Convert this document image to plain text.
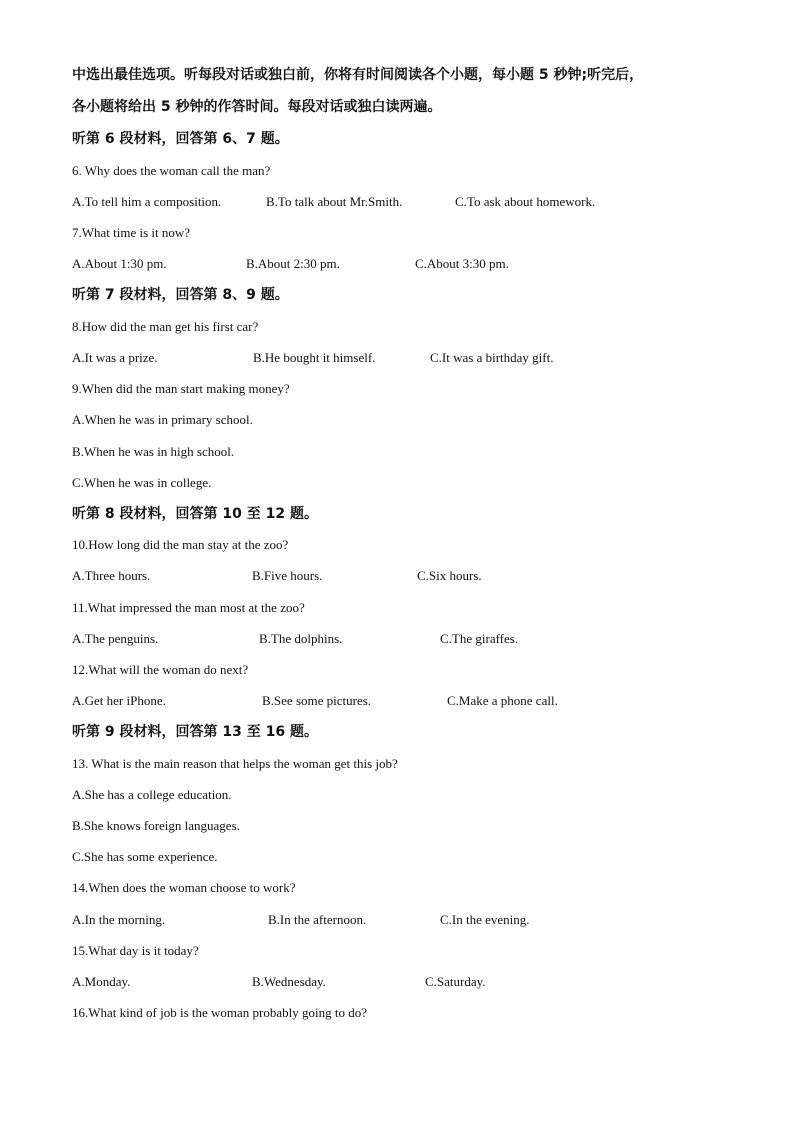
中选出最佳选项。听每段对话或独白前，你将有时间阅读各个小题，每小题 5 秒钟;听完后，
各小题将给出 5 秒钟的作答时间。每段对话或独白读两遍。
听第 6 段材料，回答第 6、7 题。
6. Why does the woman call the man?
A.To tell him a composition.	B.To talk about Mr.Smith.	C.To ask about homework.
7.What time is it now?
A.About 1:30 pm.	B.About 2:30 pm.	C.About 3:30 pm.
听第 7 段材料，回答第 8、9 题。
8.How did the man get his first car?
A.It was a prize.	B.He bought it himself.	C.It was a birthday gift.
9.When did the man start making money?
A.When he was in primary school.
B.When he was in high school.
C.When he was in college.
听第 8 段材料，回答第 10 至 12 题。
10.How long did the man stay at the zoo?
A.Three hours.	B.Five hours.	C.Six hours.
11.What impressed the man most at the zoo?
A.The penguins.	B.The dolphins.	C.The giraffes.
12.What will the woman do next?
A.Get her iPhone.	B.See some pictures.	C.Make a phone call.
听第 9 段材料，回答第 13 至 16 题。
13. What is the main reason that helps the woman get this job?
A.She has a college education.
B.She knows foreign languages.
C.She has some experience.
14.When does the woman choose to work?
A.In the morning.	B.In the afternoon.	C.In the evening.
15.What day is it today?
A.Monday.	B.Wednesday.	C.Saturday.
16.What kind of job is the woman probably going to do?
